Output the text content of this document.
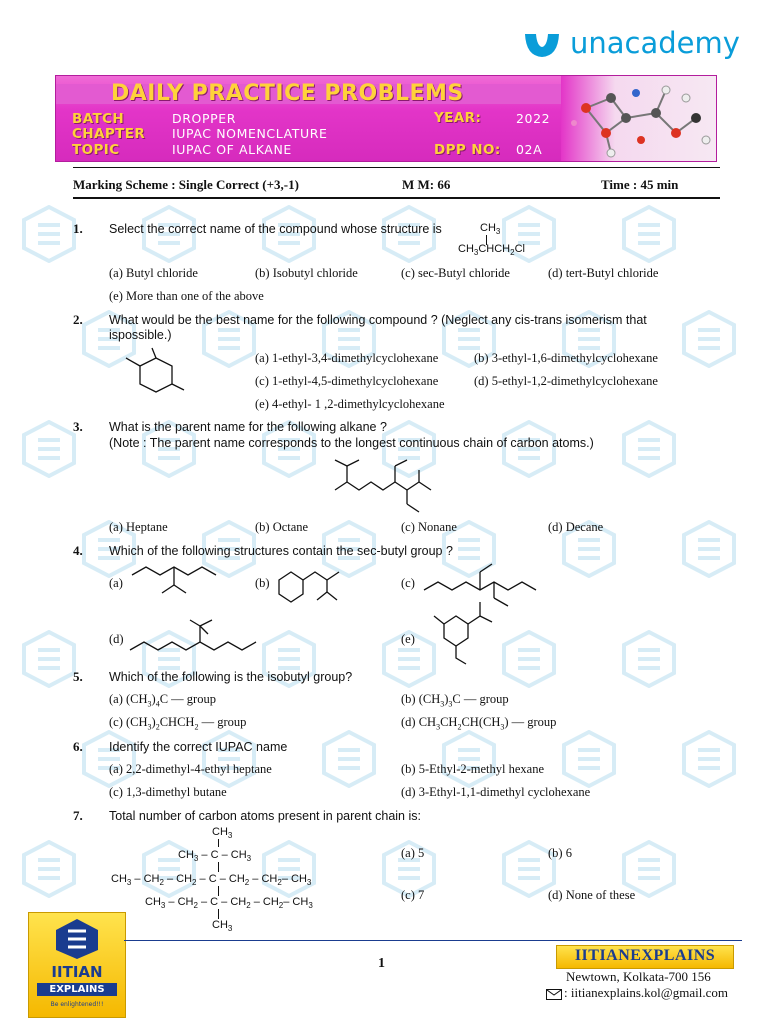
unacademy
DAILY PRACTICE PROBLEMS
BATCH	DROPPER
CHAPTER IUPAC NOMENCLATURE
TOPIC	IUPAC OF ALKANE
YEAR:	2022
DPP NO: 02A
Marking Scheme : Single Correct (+3,-1)	M M: 66	Time : 45 min
1. Select the correct name of the compound whose structure is	$CH_3$
$CH_3CHCH_2Cl$
(a) Butyl chloride	(b) Isobutyl chloride	(c) sec-Butyl chloride	(d) tert-Butyl chloride
(e) More than one of the above
2. What would be the best name for the following compound ? (Neglect any cis-trans isomerism that
ispossible.)
(a) 1-ethyl-3,4-dimethylcyclohexane	(b) 3-ethyl-1,6-dimethylcyclohexane
(c) 1-ethyl-4,5-dimethylcyclohexane	(d) 5-ethyl-1,2-dimethylcyclohexane
(e) 4-ethyl- 1 ,2-dimethylcyclohexane
3. What is the parent name for the following alkane ?
(Note : The parent name corresponds to the longest continuous chain of carbon atoms.)
(a) Heptane	(b) Octane	(c) Nonane	(d) Decane
4. Which of the following structures contain the sec-butyl group ?
(a)	(b)	(c)
(d)	(e)
5. Which of the following is the isobutyl group?
(a) $(CH_3)_4C$ — group	(b) $(CH_3)_3C$ — group
(c) $(CH_3)_2CHCH_2$ — group	(d) $CH_3CH_2CH(CH_3)$ — group
6. Identify the correct IUPAC name
(a) 2,2-dimethyl-4-ethyl heptane	(b) 5-Ethyl-2-methyl hexane
(c) 1,3-dimethyl butane	(d) 3-Ethyl-1,1-dimethyl cyclohexane
7. Total number of carbon atoms present in parent chain is:
$CH_3$
$CH_3$ – C – $CH_3$
$CH_3 - CH_2 - CH_2$ – C – $CH_2 - CH_2-$ $CH_3$
$CH_3 - CH_2$ – C – $CH_2 - CH_2-$ $CH_3$
$CH_3$
(a) 5	(b) 6
(c) 7	(d) None of these
IITIAN
EXPLAINS
Be enlightened!!!
1	IITIANEXPLAINS
Newtown, Kolkata-700 156
: iitianexplains.kol@gmail.com
